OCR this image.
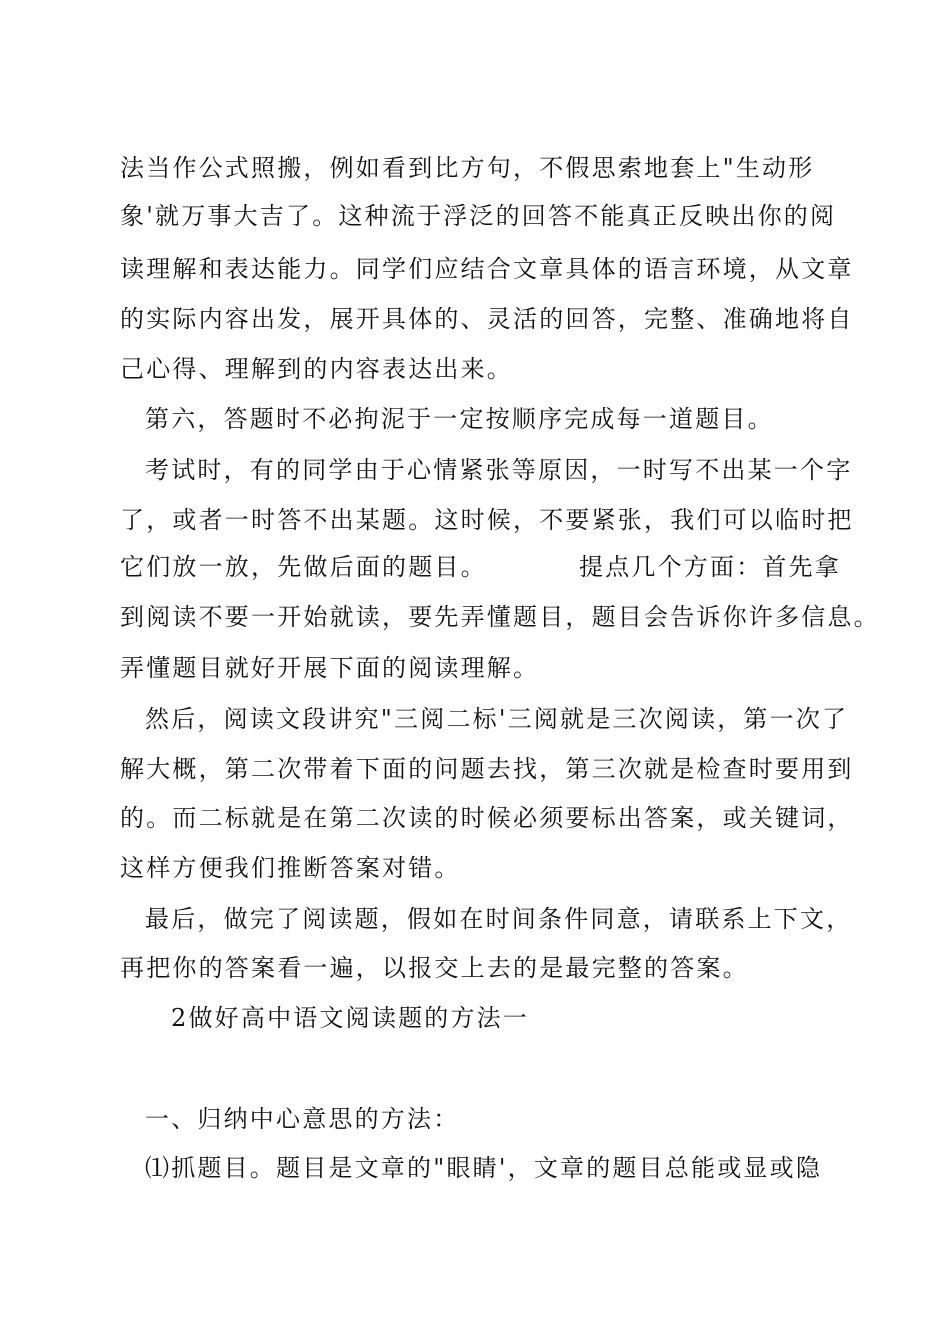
法当作公式照搬，例如看到比方句，不假思索地套上"生动形
象'就万事大吉了。这种流于浮泛的回答不能真正反映出你的阅
读理解和表达能力。同学们应结合文章具体的语言环境，从文章
的实际内容出发，展开具体的、灵活的回答，完整、准确地将自
己心得、理解到的内容表达出来。
第六，答题时不必拘泥于一定按顺序完成每一道题目。
考试时，有的同学由于心情紧张等原因，一时写不出某一个字
了，或者一时答不出某题。这时候，不要紧张，我们可以临时把
它们放一放，先做后面的题目。	提点几个方面：首先拿
到阅读不要一开始就读，要先弄懂题目，题目会告诉你许多信息。
弄懂题目就好开展下面的阅读理解。
然后，阅读文段讲究"三阅二标'三阅就是三次阅读，第一次了
解大概，第二次带着下面的问题去找，第三次就是检查时要用到
的。而二标就是在第二次读的时候必须要标出答案，或关键词，
这样方便我们推断答案对错。
最后，做完了阅读题，假如在时间条件同意，请联系上下文，
再把你的答案看一遍，以报交上去的是最完整的答案。
2做好高中语文阅读题的方法一
一、归纳中心意思的方法：
⑴抓题目。题目是文章的"眼睛'，文章的题目总能或显或隐
